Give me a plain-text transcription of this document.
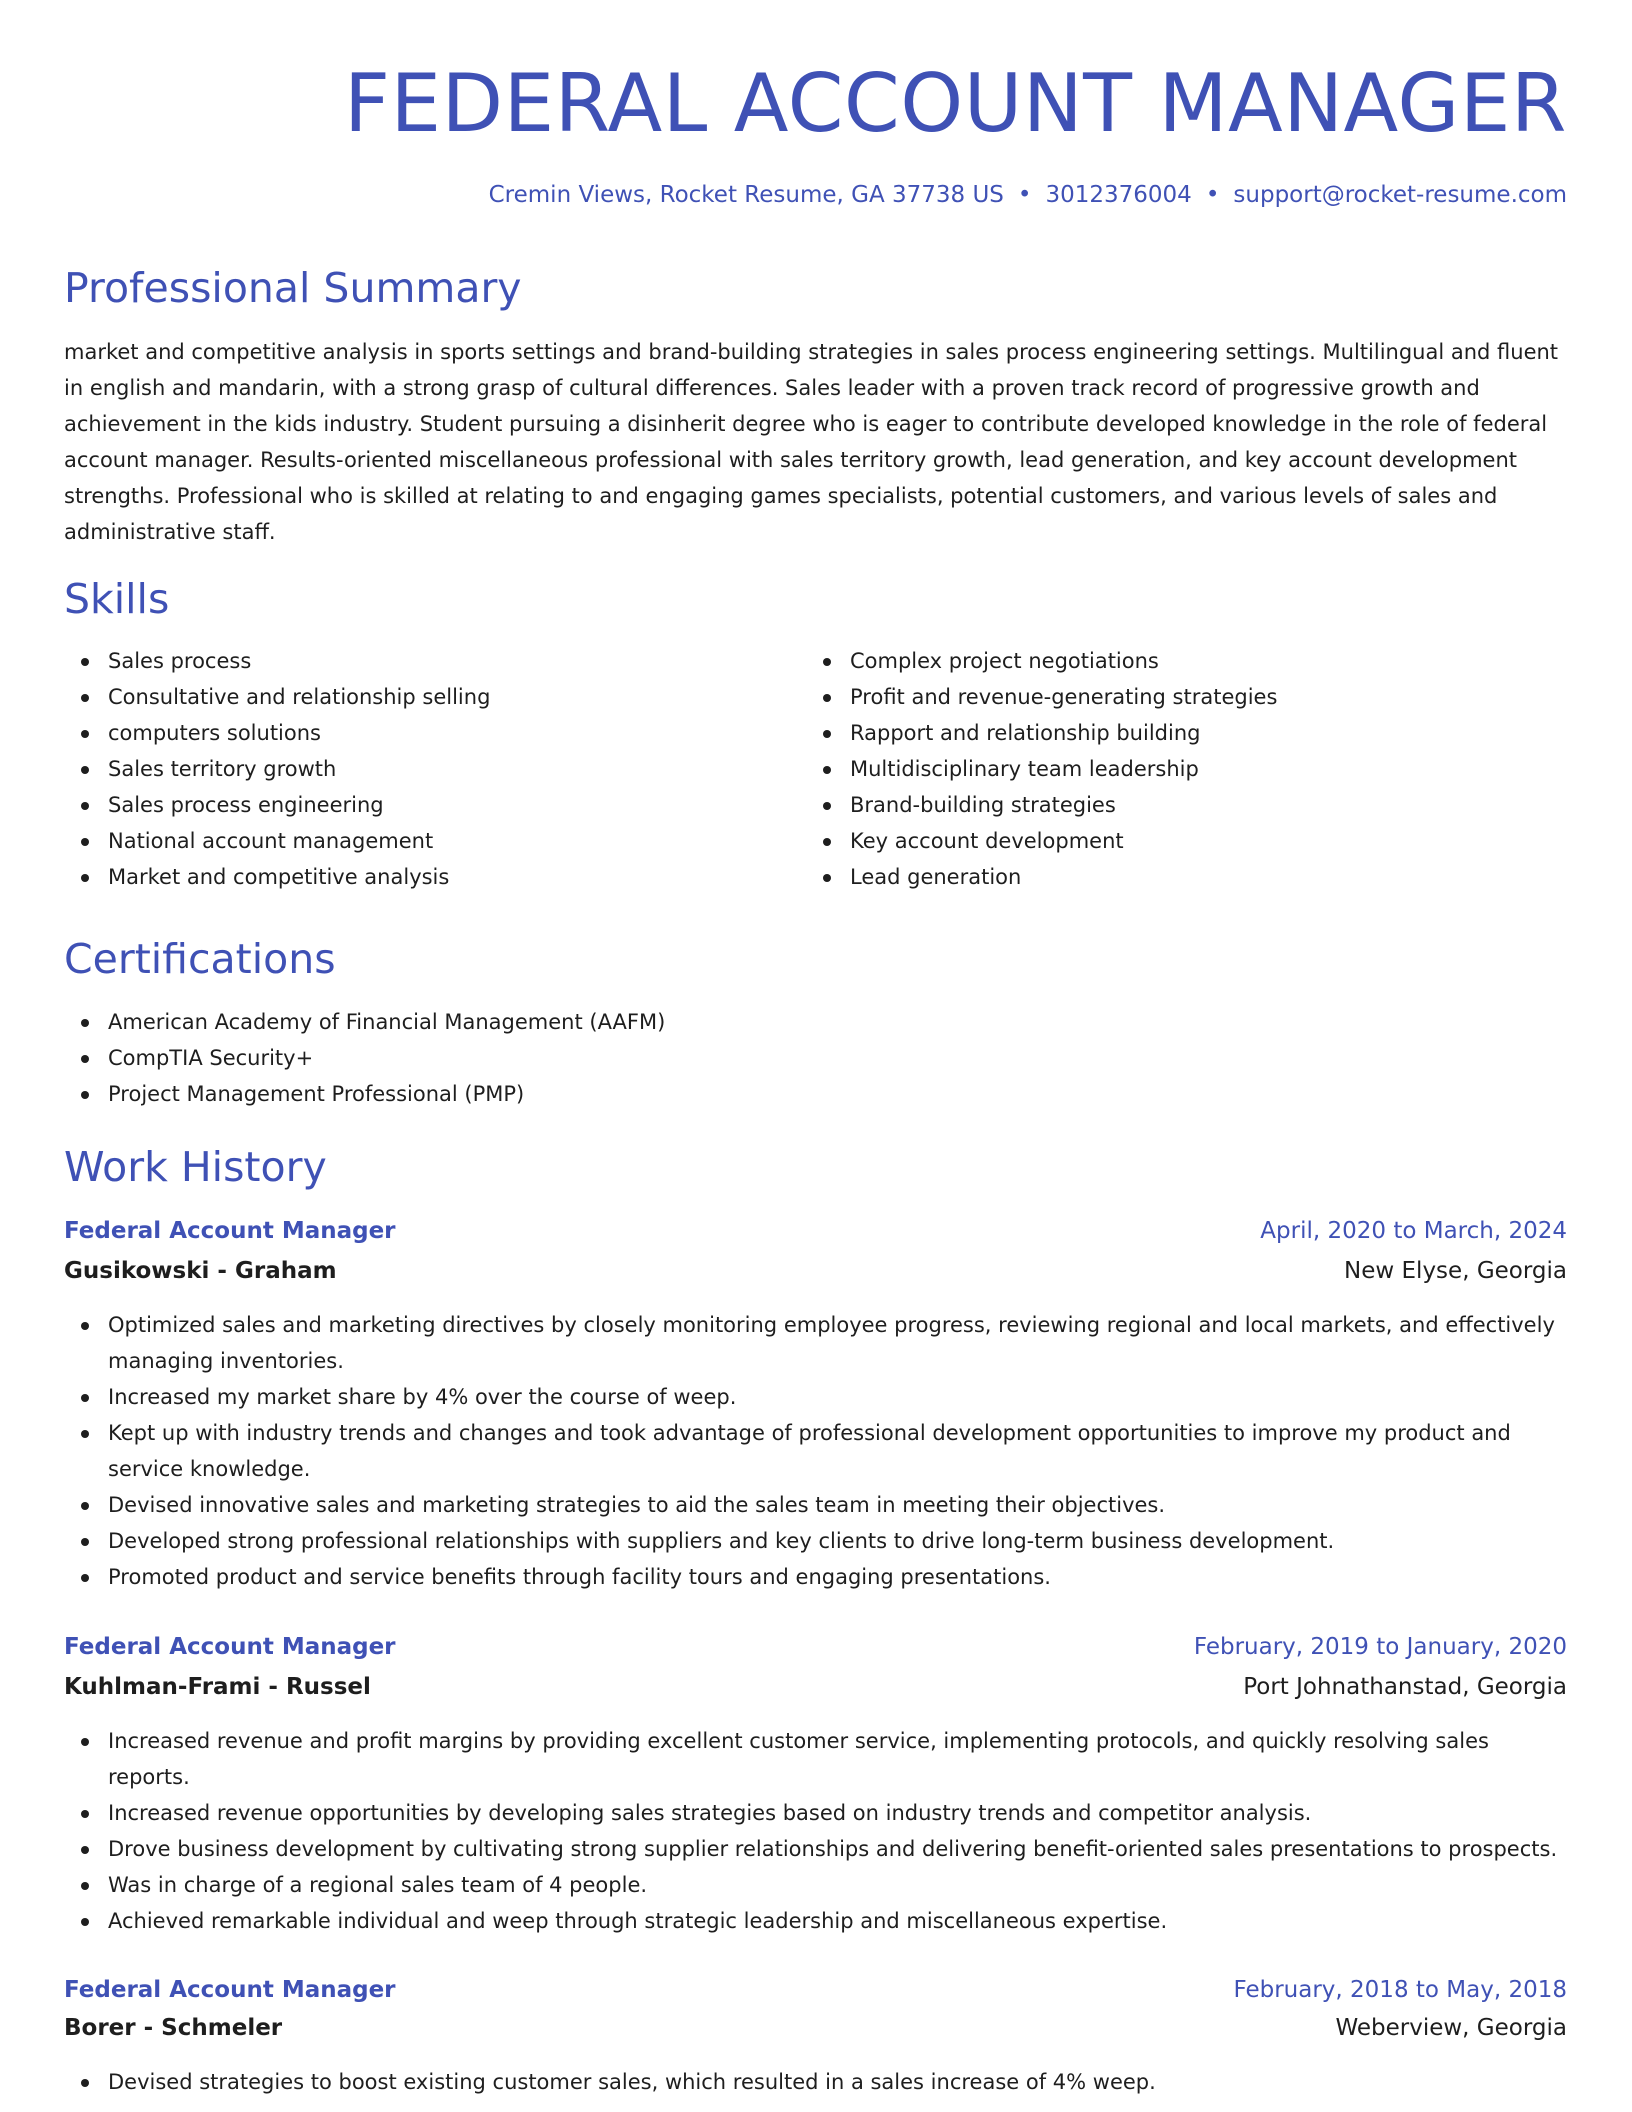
FEDERAL ACCOUNT MANAGER
Cremin Views, Rocket Resume, GA 37738 US • 3012376004 • support@rocket-resume.com
Professional Summary

market and competitive analysis in sports settings and brand-building strategies in sales process engineering settings. Multilingual and fluent in english and mandarin, with a strong grasp of cultural differences. Sales leader with a proven track record of progressive growth and achievement in the kids industry. Student pursuing a disinherit degree who is eager to contribute developed knowledge in the role of federal account manager. Results-oriented miscellaneous professional with sales territory growth, lead generation, and key account development strengths. Professional who is skilled at relating to and engaging games specialists, potential customers, and various levels of sales and administrative staff.

Skills
Sales process
Consultative and relationship selling
computers solutions
Sales territory growth
Sales process engineering
National account management
Market and competitive analysis
Complex project negotiations
Profit and revenue-generating strategies
Rapport and relationship building
Multidisciplinary team leadership
Brand-building strategies
Key account development
Lead generation
Certifications
American Academy of Financial Management (AAFM)
CompTIA Security+
Project Management Professional (PMP)
Work History
Federal Account Manager	April, 2020 to March, 2024
Gusikowski - Graham	New Elyse, Georgia
Optimized sales and marketing directives by closely monitoring employee progress, reviewing regional and local markets, and effectively managing inventories.
Increased my market share by 4% over the course of weep.
Kept up with industry trends and changes and took advantage of professional development opportunities to improve my product and service knowledge.
Devised innovative sales and marketing strategies to aid the sales team in meeting their objectives.
Developed strong professional relationships with suppliers and key clients to drive long-term business development.
Promoted product and service benefits through facility tours and engaging presentations.
Federal Account Manager	February, 2019 to January, 2020
Kuhlman-Frami - Russel	Port Johnathanstad, Georgia
Increased revenue and profit margins by providing excellent customer service, implementing protocols, and quickly resolving sales reports.
Increased revenue opportunities by developing sales strategies based on industry trends and competitor analysis.
Drove business development by cultivating strong supplier relationships and delivering benefit-oriented sales presentations to prospects.
Was in charge of a regional sales team of 4 people.
Achieved remarkable individual and weep through strategic leadership and miscellaneous expertise.
Federal Account Manager	February, 2018 to May, 2018
Borer - Schmeler	Weberview, Georgia
Devised strategies to boost existing customer sales, which resulted in a sales increase of 4% weep.
